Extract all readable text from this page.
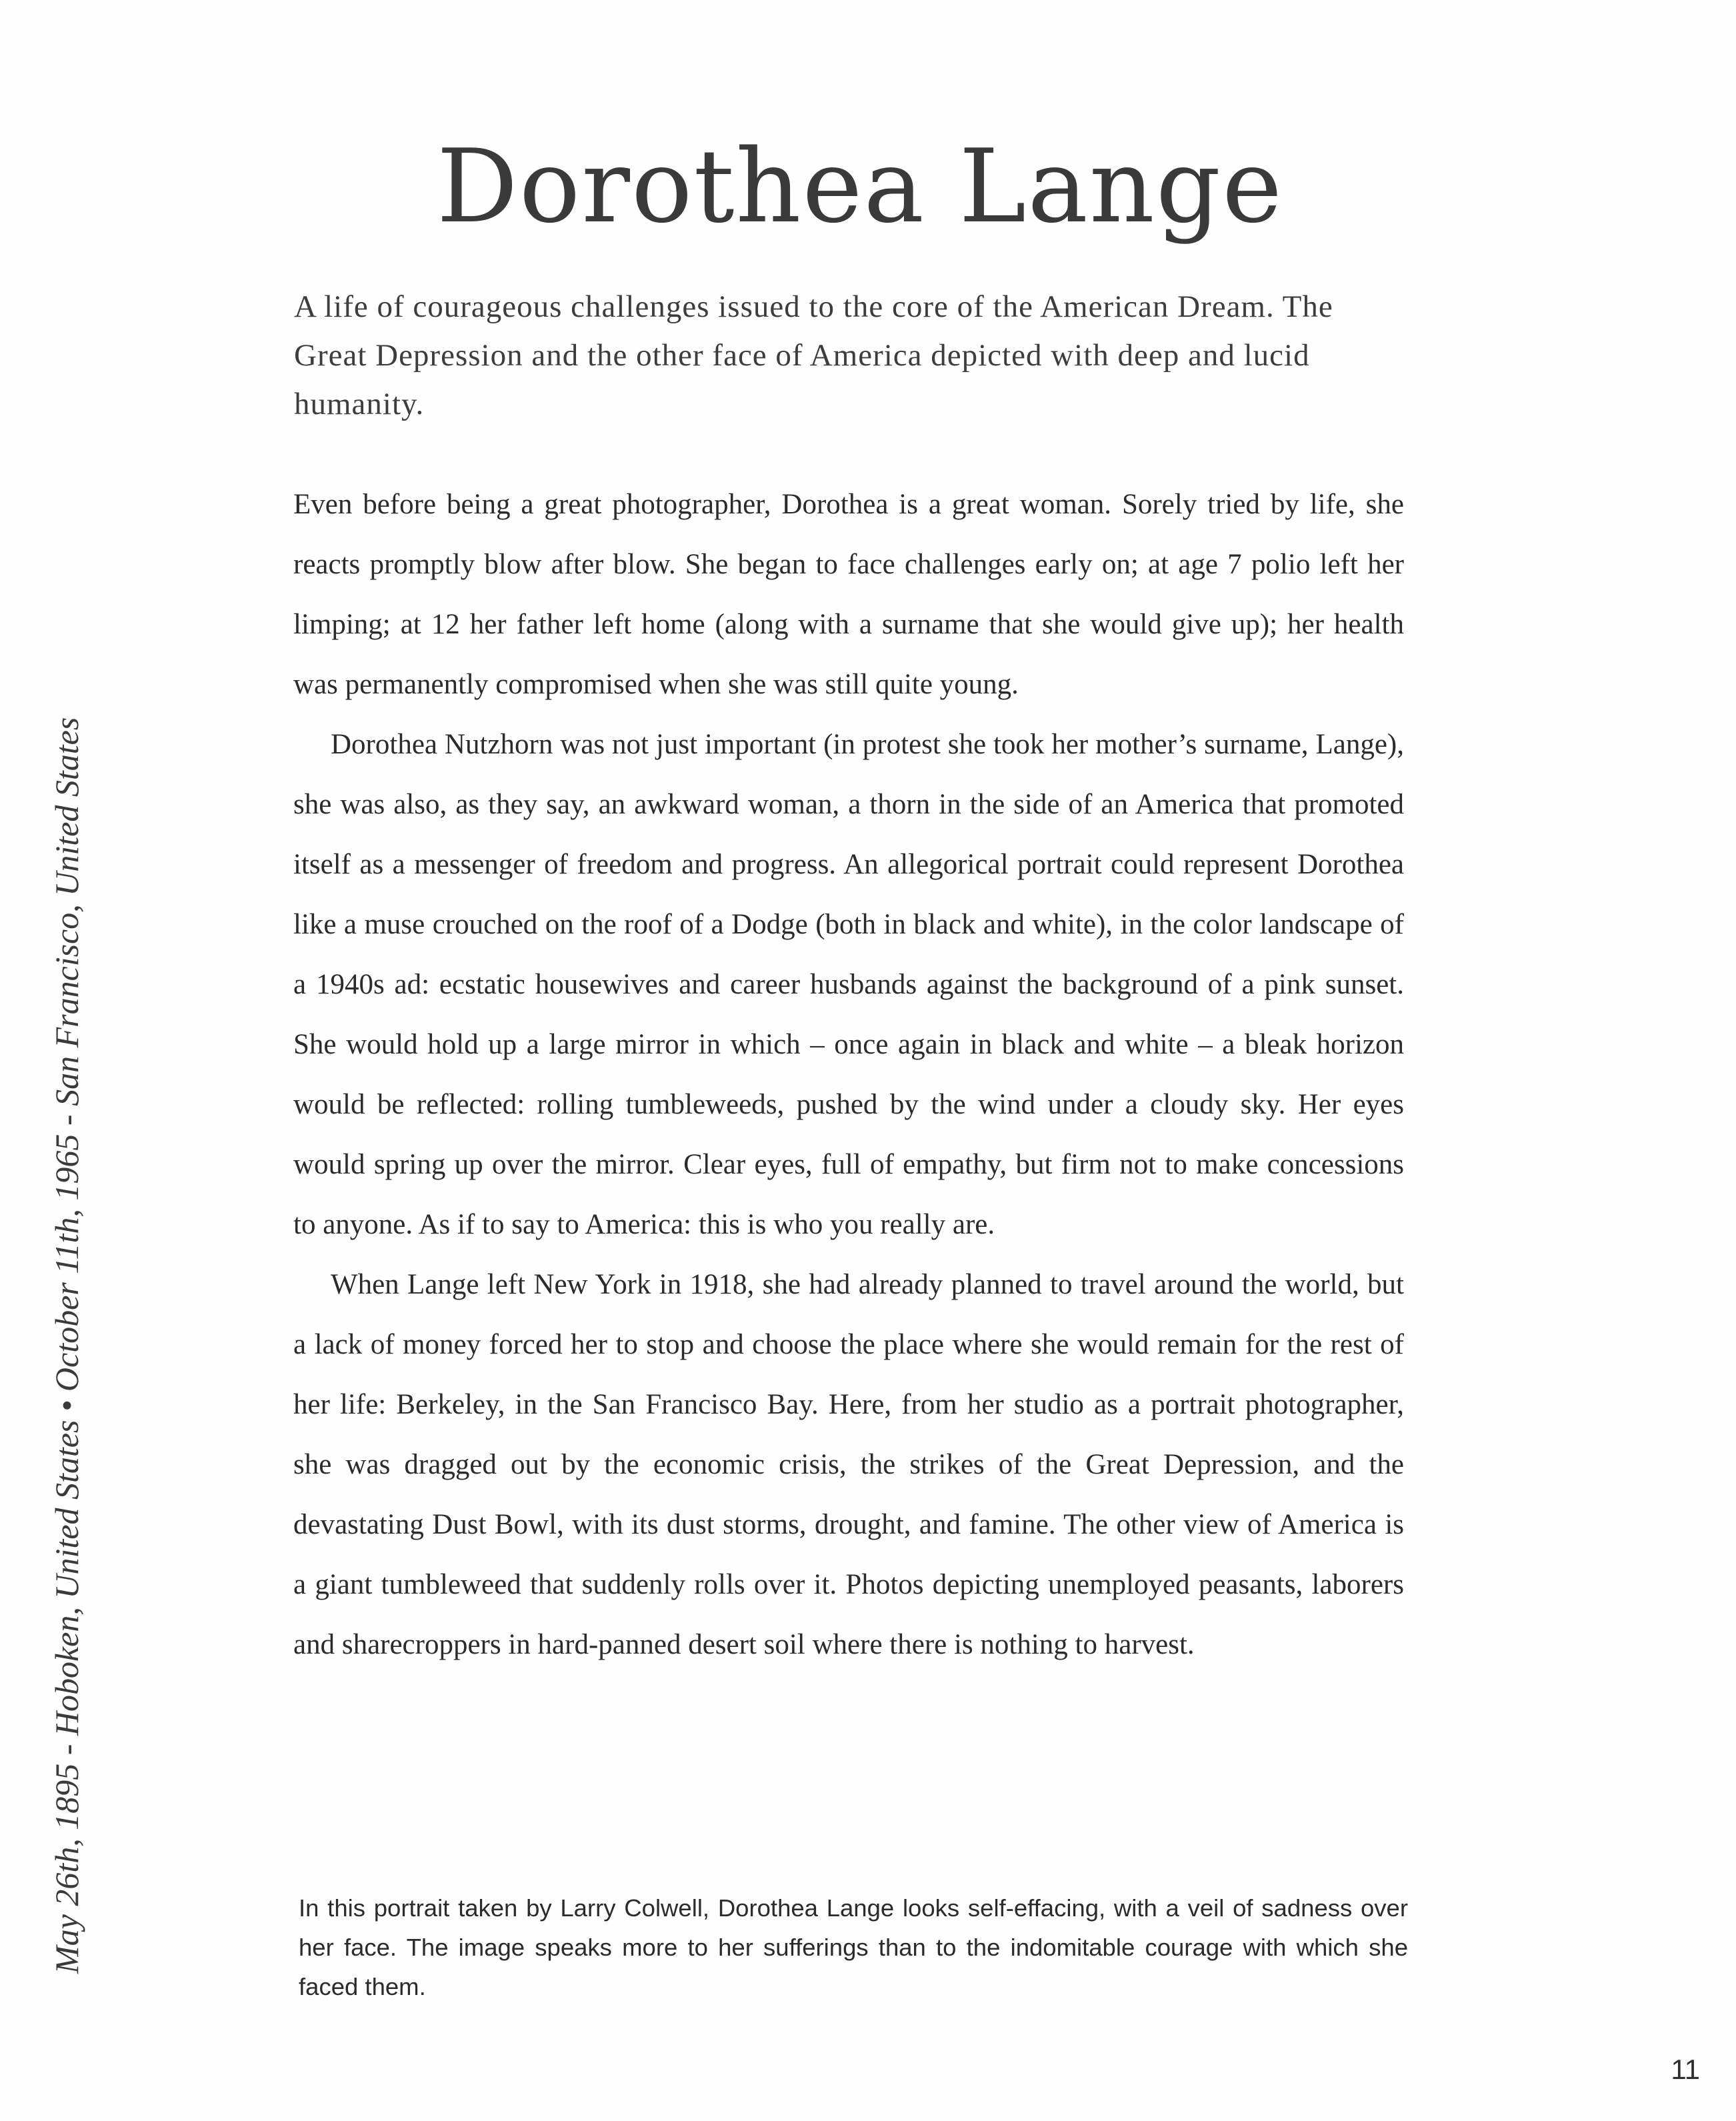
Dorothea Lange
A life of courageous challenges issued to the core of the American Dream. The Great Depression and the other face of America depicted with deep and lucid humanity.

Even before being a great photographer, Dorothea is a great woman. Sorely tried by life, she reacts promptly blow after blow. She began to face challenges early on; at age 7 polio left her limping; at 12 her father left home (along with a surname that she would give up); her health was permanently compromised when she was still quite young.

Dorothea Nutzhorn was not just important (in protest she took her mother’s surname, Lange), she was also, as they say, an awkward woman, a thorn in the side of an America that promoted itself as a messenger of freedom and progress. An allegorical portrait could represent Dorothea like a muse crouched on the roof of a Dodge (both in black and white), in the color landscape of a 1940s ad: ecstatic housewives and career husbands against the background of a pink sunset. She would hold up a large mirror in which – once again in black and white – a bleak horizon would be reflected: rolling tumbleweeds, pushed by the wind under a cloudy sky. Her eyes would spring up over the mirror. Clear eyes, full of empathy, but firm not to make concessions to anyone. As if to say to America: this is who you really are.

When Lange left New York in 1918, she had already planned to travel around the world, but a lack of money forced her to stop and choose the place where she would remain for the rest of her life: Berkeley, in the San Francisco Bay. Here, from her studio as a portrait photographer, she was dragged out by the economic crisis, the strikes of the Great Depression, and the devastating Dust Bowl, with its dust storms, drought, and famine. The other view of America is a giant tumbleweed that suddenly rolls over it. Photos depicting unemployed peasants, laborers and sharecroppers in hard-panned desert soil where there is nothing to harvest.

In this portrait taken by Larry Colwell, Dorothea Lange looks self-effacing, with a veil of sadness over her face. The image speaks more to her sufferings than to the indomitable courage with which she faced them.
May 26th, 1895 - Hoboken, United States • October 11th, 1965 - San Francisco, United States
11
